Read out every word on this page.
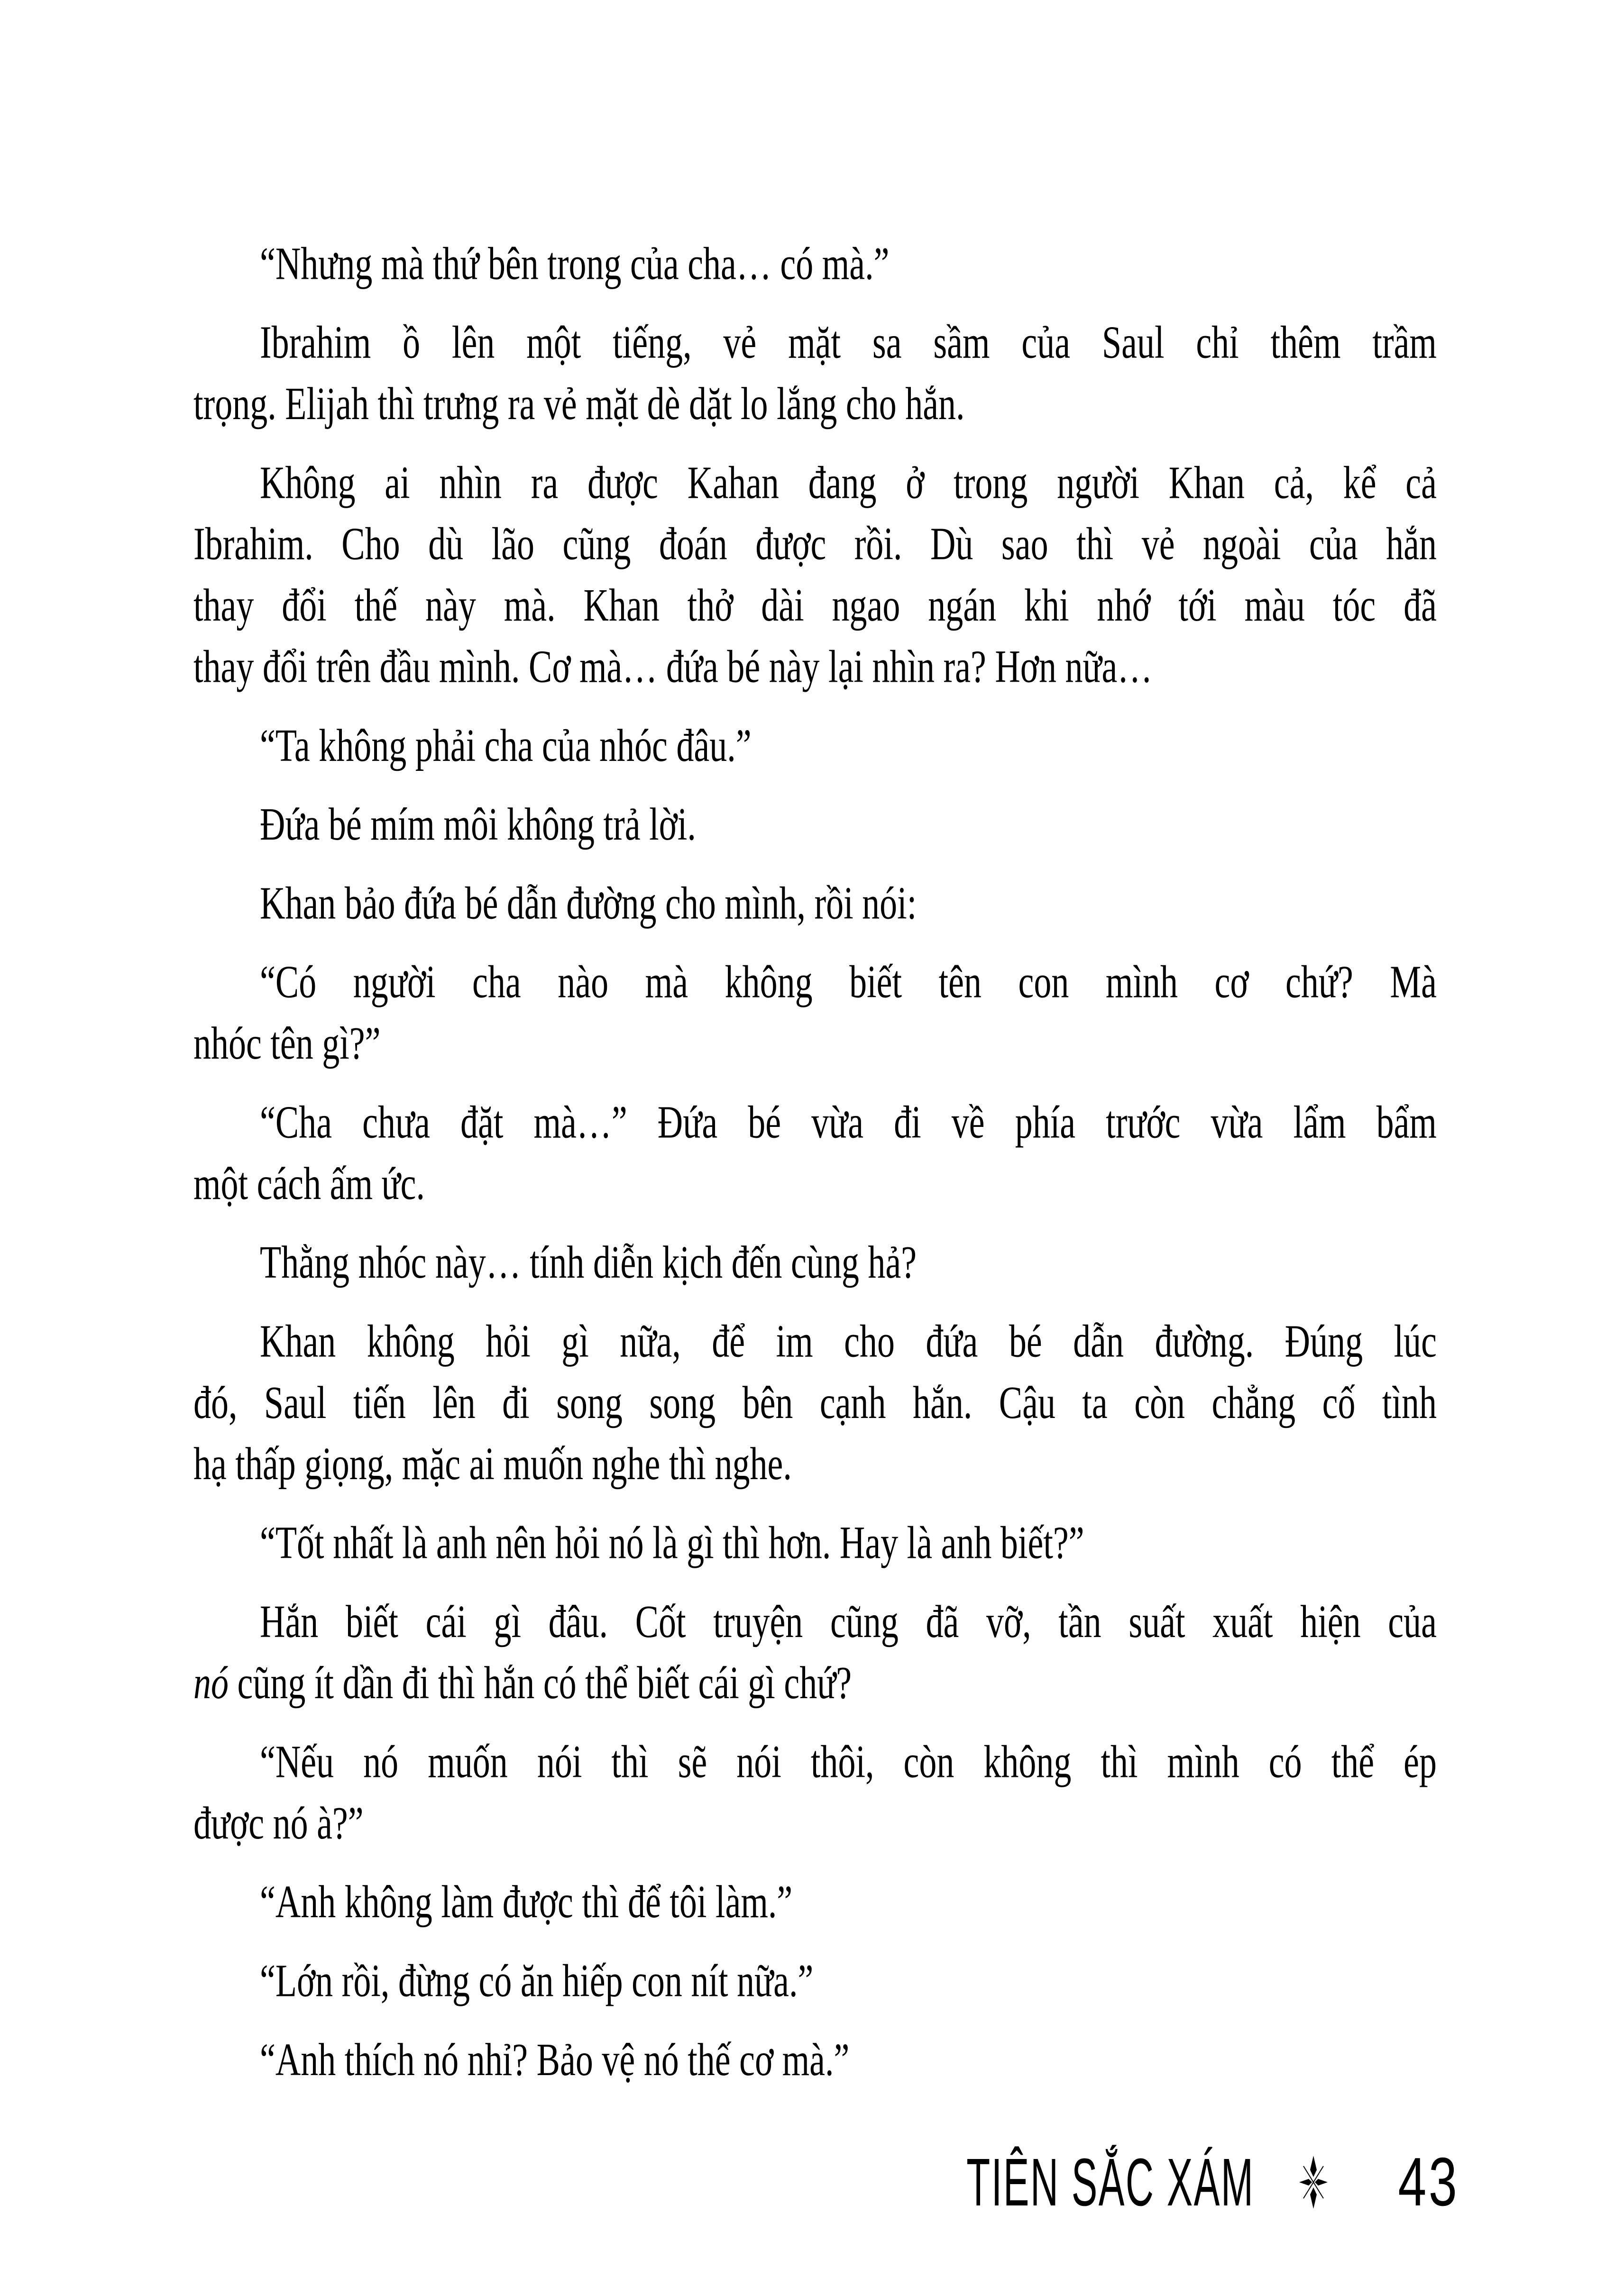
“Nhưng mà thứ bên trong của cha… có mà.”

Ibrahim ồ lên một tiếng, vẻ mặt sa sầm của Saul chỉ thêm trầm
trọng. Elijah thì trưng ra vẻ mặt dè dặt lo lắng cho hắn.

Không ai nhìn ra được Kahan đang ở trong người Khan cả, kể cả
Ibrahim. Cho dù lão cũng đoán được rồi. Dù sao thì vẻ ngoài của hắn
thay đổi thế này mà. Khan thở dài ngao ngán khi nhớ tới màu tóc đã
thay đổi trên đầu mình. Cơ mà… đứa bé này lại nhìn ra? Hơn nữa…

“Ta không phải cha của nhóc đâu.”

Đứa bé mím môi không trả lời.

Khan bảo đứa bé dẫn đường cho mình, rồi nói:

“Có người cha nào mà không biết tên con mình cơ chứ? Mà
nhóc tên gì?”

“Cha chưa đặt mà…” Đứa bé vừa đi về phía trước vừa lẩm bẩm
một cách ấm ức.

Thằng nhóc này… tính diễn kịch đến cùng hả?

Khan không hỏi gì nữa, để im cho đứa bé dẫn đường. Đúng lúc
đó, Saul tiến lên đi song song bên cạnh hắn. Cậu ta còn chẳng cố tình
hạ thấp giọng, mặc ai muốn nghe thì nghe.

“Tốt nhất là anh nên hỏi nó là gì thì hơn. Hay là anh biết?”

Hắn biết cái gì đâu. Cốt truyện cũng đã vỡ, tần suất xuất hiện của
nó cũng ít dần đi thì hắn có thể biết cái gì chứ?

“Nếu nó muốn nói thì sẽ nói thôi, còn không thì mình có thể ép
được nó à?”

“Anh không làm được thì để tôi làm.”

“Lớn rồi, đừng có ăn hiếp con nít nữa.”

“Anh thích nó nhỉ? Bảo vệ nó thế cơ mà.”

TIÊN SẮC XÁM 43
